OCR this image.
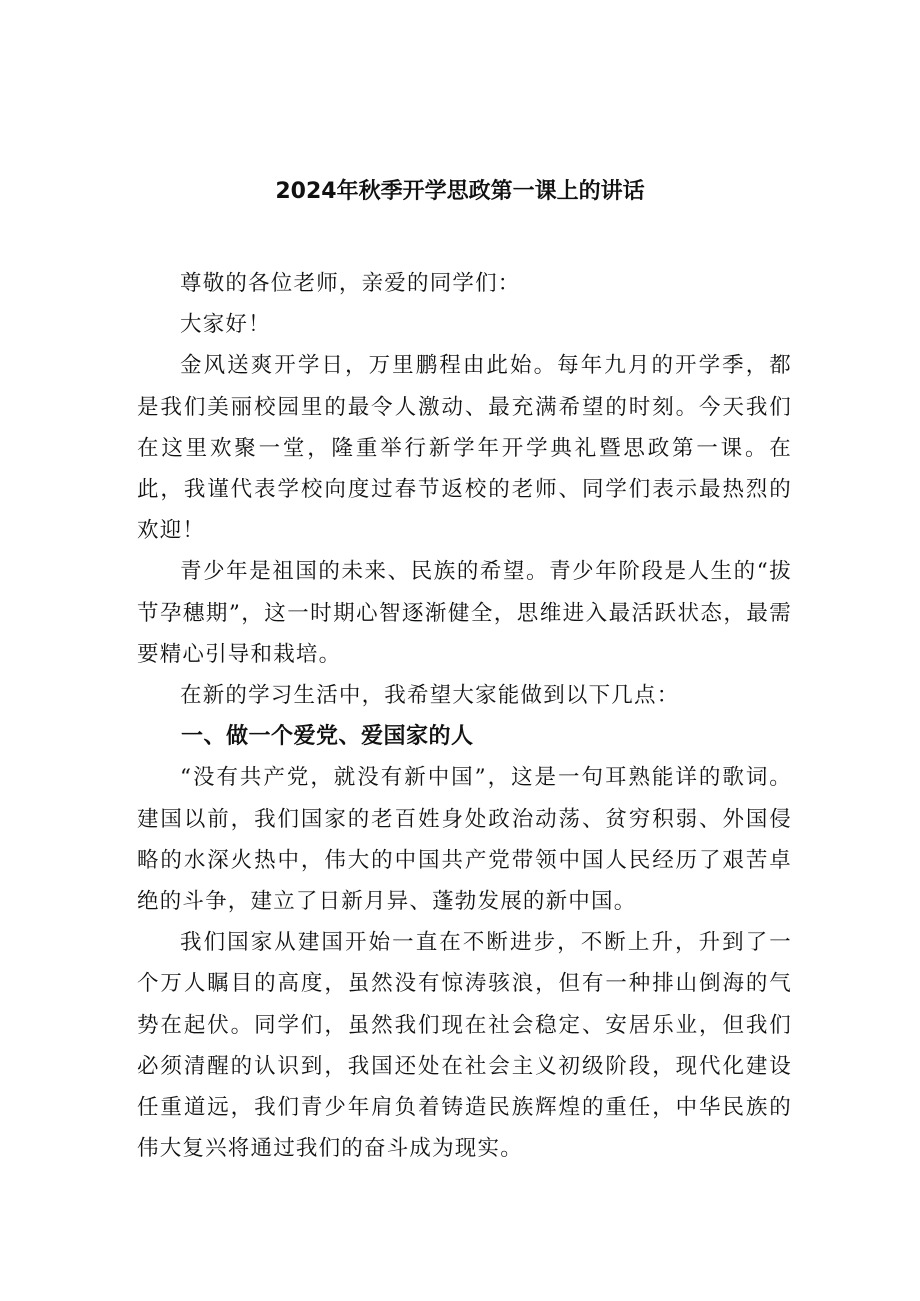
2024年秋季开学思政第一课上的讲话

尊敬的各位老师，亲爱的同学们：

大家好！

金风送爽开学日，万里鹏程由此始。每年九月的开学季，都是我们美丽校园里的最令人激动、最充满希望的时刻。今天我们在这里欢聚一堂，隆重举行新学年开学典礼暨思政第一课。在此，我谨代表学校向度过春节返校的老师、同学们表示最热烈的欢迎！

青少年是祖国的未来、民族的希望。青少年阶段是人生的“拔节孕穗期”，这一时期心智逐渐健全，思维进入最活跃状态，最需要精心引导和栽培。

在新的学习生活中，我希望大家能做到以下几点：

一、做一个爱党、爱国家的人

“没有共产党，就没有新中国”，这是一句耳熟能详的歌词。建国以前，我们国家的老百姓身处政治动荡、贫穷积弱、外国侵略的水深火热中，伟大的中国共产党带领中国人民经历了艰苦卓绝的斗争，建立了日新月异、蓬勃发展的新中国。

我们国家从建国开始一直在不断进步，不断上升，升到了一个万人瞩目的高度，虽然没有惊涛骇浪，但有一种排山倒海的气势在起伏。同学们，虽然我们现在社会稳定、安居乐业，但我们必须清醒的认识到，我国还处在社会主义初级阶段，现代化建设任重道远，我们青少年肩负着铸造民族辉煌的重任，中华民族的伟大复兴将通过我们的奋斗成为现实。
